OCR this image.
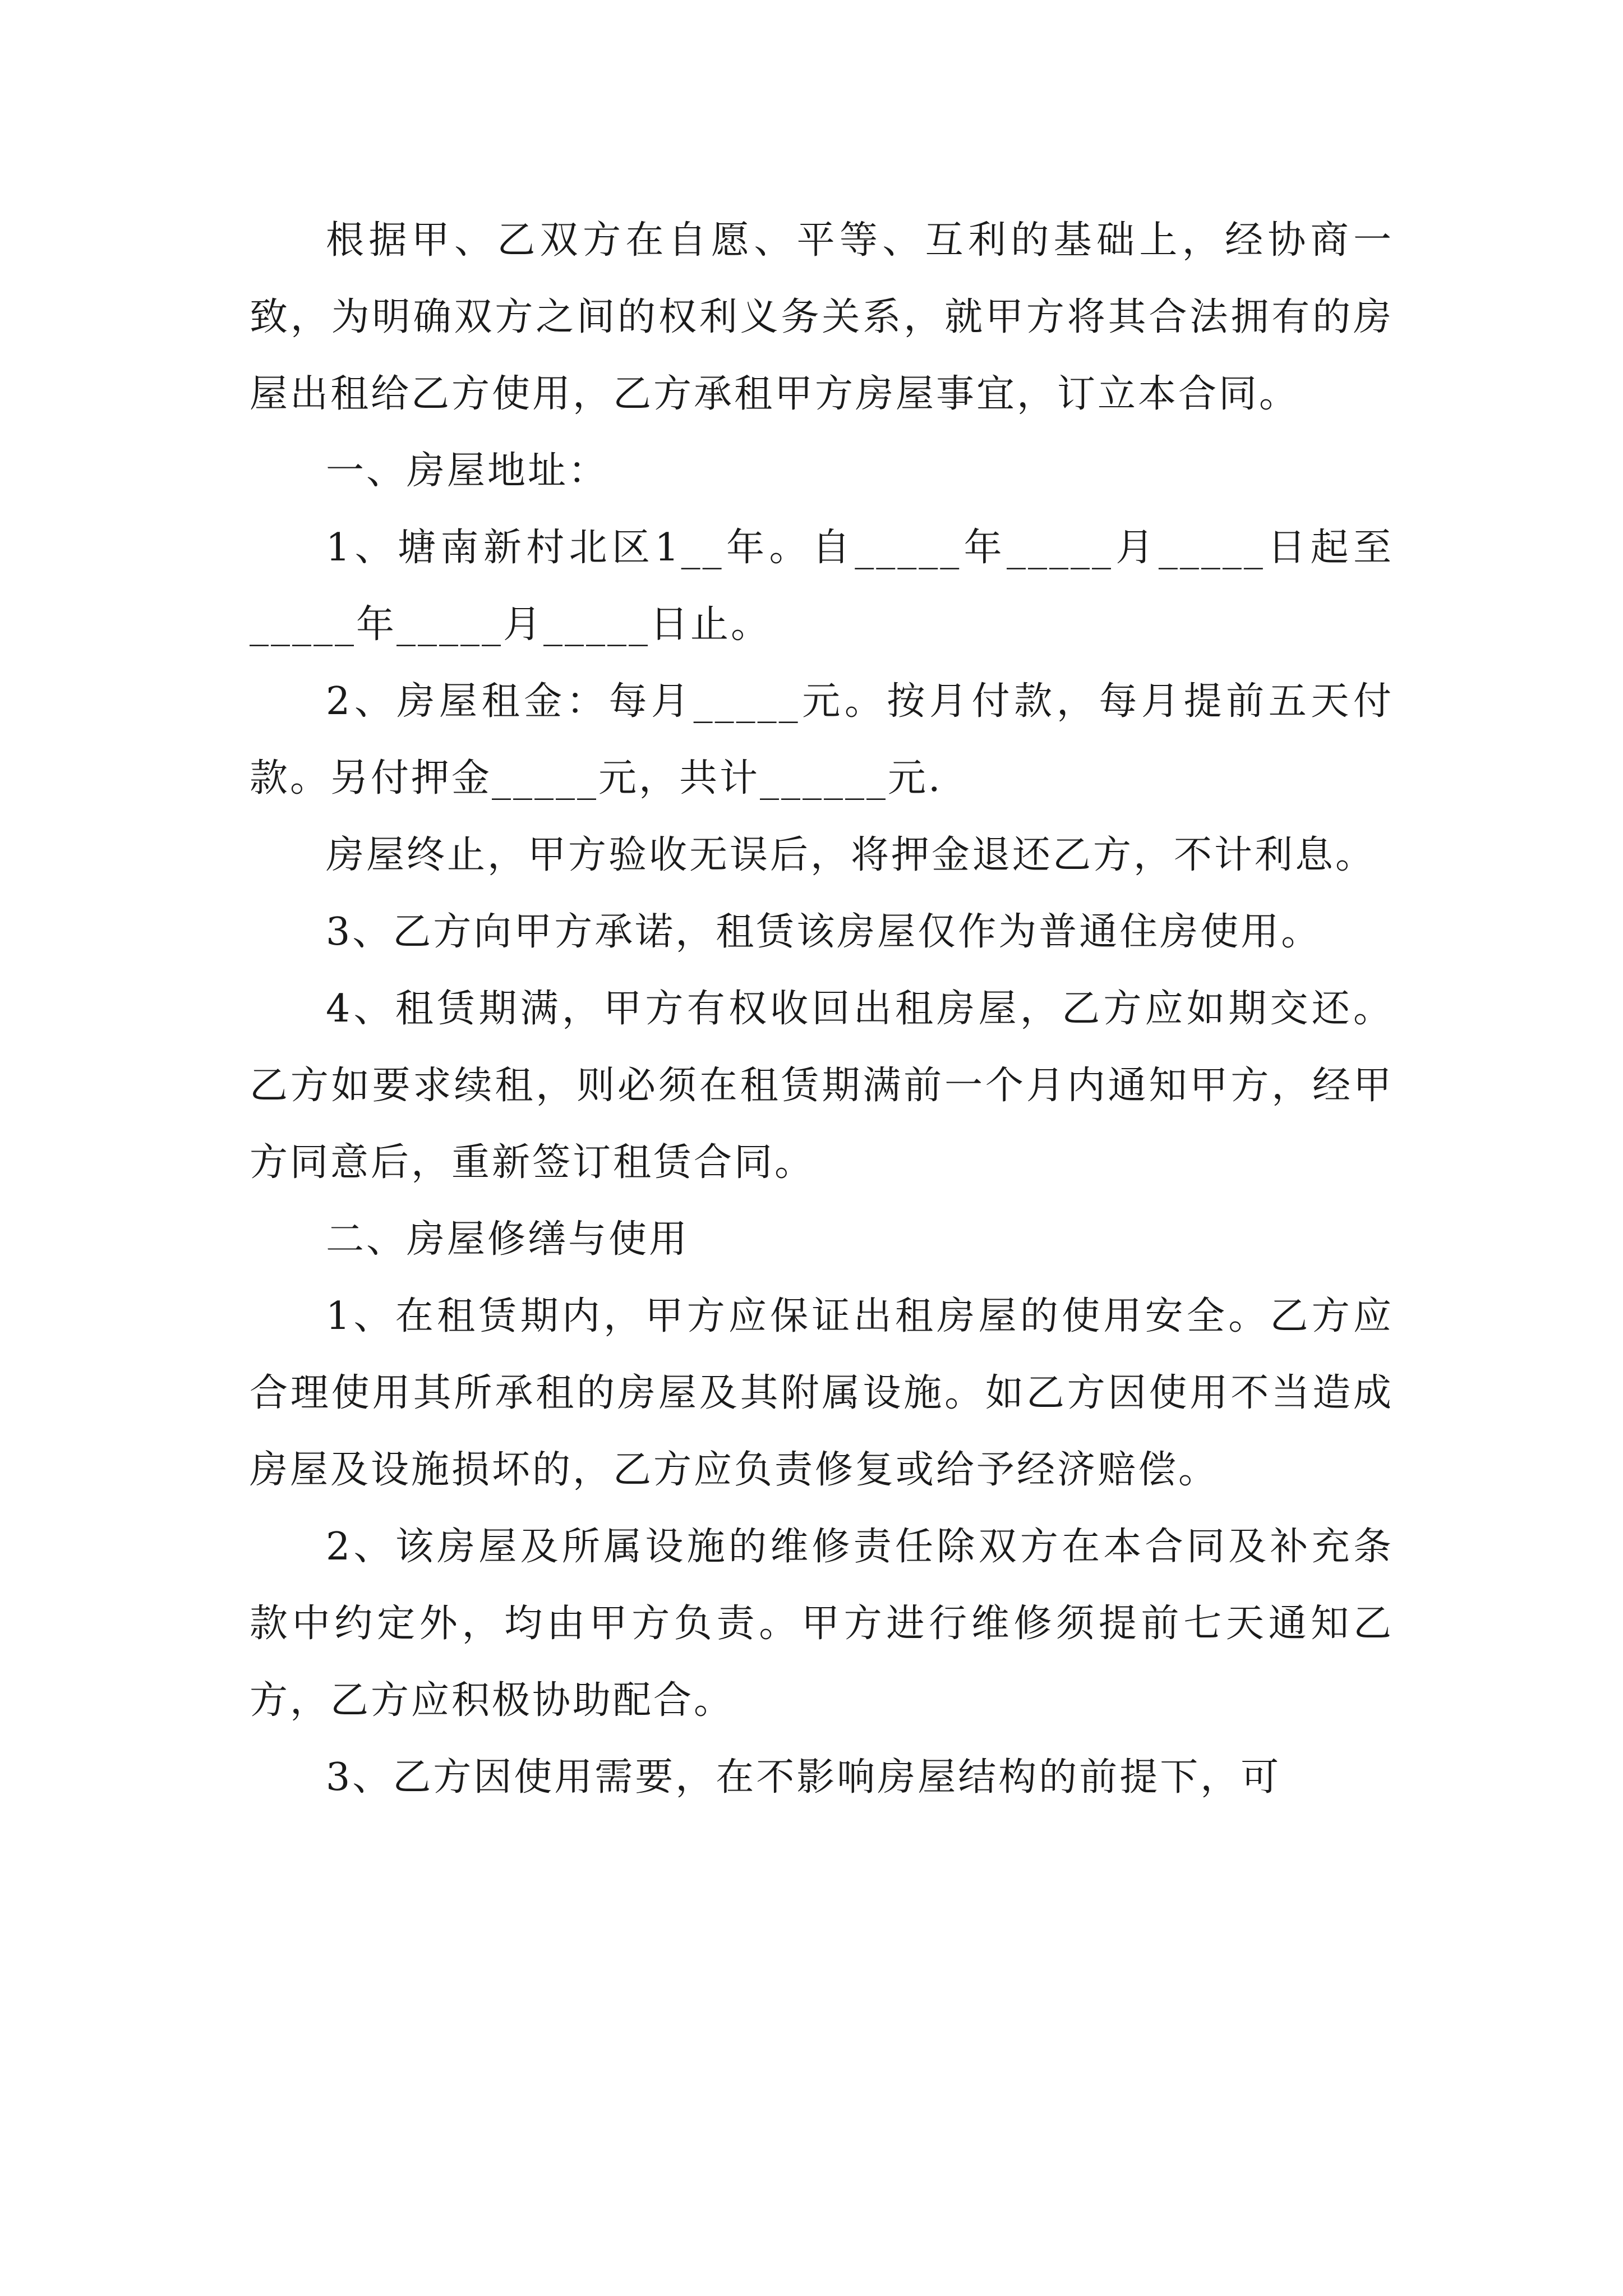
根据甲、乙双方在自愿、平等、互利的基础上，经协商一致，为明确双方之间的权利义务关系，就甲方将其合法拥有的房屋出租给乙方使用，乙方承租甲方房屋事宜，订立本合同。

一、房屋地址：

1、塘南新村北区1__年。自_____年_____月_____日起至_____年_____月_____日止。

2、房屋租金：每月_____元。按月付款，每月提前五天付款。另付押金_____元，共计______元.

房屋终止，甲方验收无误后，将押金退还乙方，不计利息。

3、乙方向甲方承诺，租赁该房屋仅作为普通住房使用。

4、租赁期满，甲方有权收回出租房屋，乙方应如期交还。乙方如要求续租，则必须在租赁期满前一个月内通知甲方，经甲方同意后，重新签订租赁合同。

二、房屋修缮与使用

1、在租赁期内，甲方应保证出租房屋的使用安全。乙方应合理使用其所承租的房屋及其附属设施。如乙方因使用不当造成房屋及设施损坏的，乙方应负责修复或给予经济赔偿。

2、该房屋及所属设施的维修责任除双方在本合同及补充条款中约定外，均由甲方负责。甲方进行维修须提前七天通知乙方，乙方应积极协助配合。

3、乙方因使用需要，在不影响房屋结构的前提下，可
